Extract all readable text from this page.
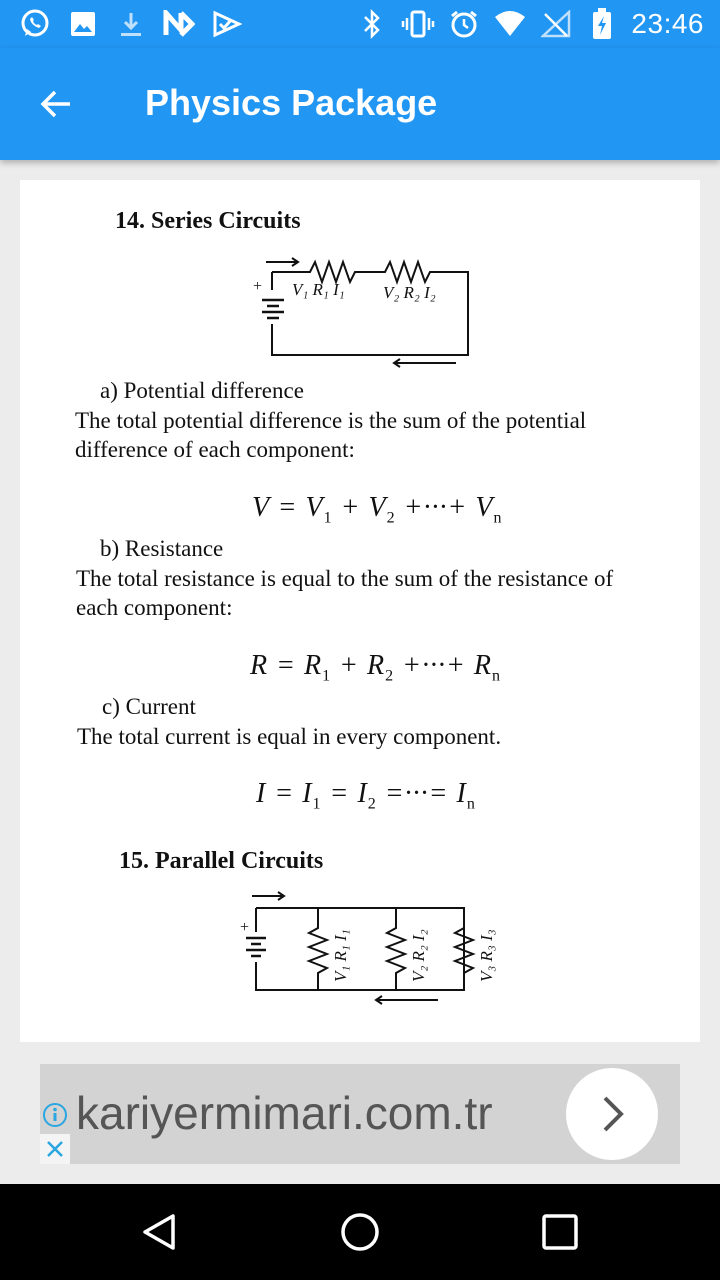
23:46
Physics Package
14. Series Circuits
+ V₁ R₁ I₁ V₂ R₂ I₂
a) Potential difference
The total potential difference is the sum of the potential difference of each component:
$V = V_1 + V_2$ +···+ $V_n$
b) Resistance
The total resistance is equal to the sum of the resistance of each component:
$R = R_1 + R_2$ +···+ $R_n$
c) Current
The total current is equal in every component.
$I = I_1 = I_2$ =···= $I_n$
15. Parallel Circuits
+
V₁ R₁ I₁	V₂ R₂ I₂	V₃ R₃ I₃
kariyermimari.com.tr
